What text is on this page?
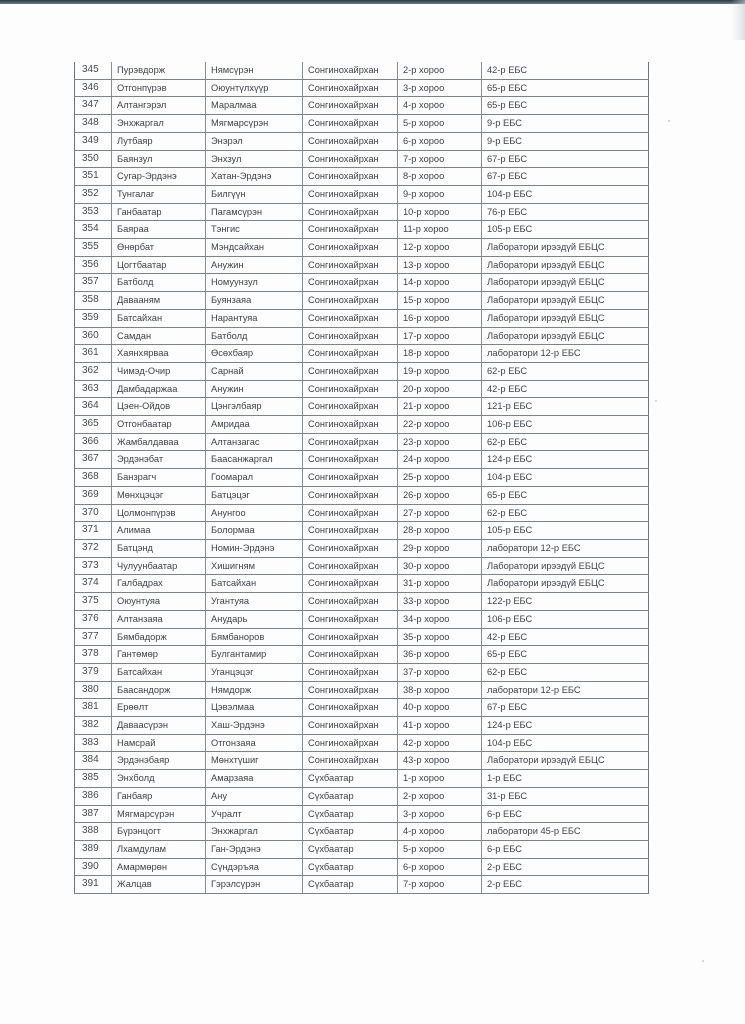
345	Пурэвдорж	Нямсүрэн	Сонгинохайрхан	2-р хороо	42-р ЕБС
346	Отгонпүрэв	Оюунтүлхүүр	Сонгинохайрхан	3-р хороо	65-р ЕБС
347	Алтангэрэл	Маралмаа	Сонгинохайрхан	4-р хороо	65-р ЕБС
348	Энхжаргал	Мягмарсүрэн	Сонгинохайрхан	5-р хороо	9-р ЕБС
349	Лутбаяр	Энэрэл	Сонгинохайрхан	6-р хороо	9-р ЕБС
350	Баянзул	Энхзул	Сонгинохайрхан	7-р хороо	67-р ЕБС
351	Сугар-Эрдэнэ	Хатан-Эрдэнэ	Сонгинохайрхан	8-р хороо	67-р ЕБС
352	Тунгалаг	Билгүүн	Сонгинохайрхан	9-р хороо	104-р ЕБС
353	Ганбаатар	Пагамсүрэн	Сонгинохайрхан	10-р хороо	76-р ЕБС
354	Баяраа	Тэнгис	Сонгинохайрхан	11-р хороо	105-р ЕБС
355	Өнөрбат	Мэндсайхан	Сонгинохайрхан	12-р хороо	Лаборатори ирээдүй ЕБЦС
356	Цогтбаатар	Анужин	Сонгинохайрхан	13-р хороо	Лаборатори ирээдүй ЕБЦС
357	Батболд	Номуунзул	Сонгинохайрхан	14-р хороо	Лаборатори ирээдүй ЕБЦС
358	Даваaням	Буянзаяа	Сонгинохайрхан	15-р хороо	Лаборатори ирээдүй ЕБЦС
359	Батсайхан	Нарантуяа	Сонгинохайрхан	16-р хороо	Лаборатори ирээдүй ЕБЦС
360	Самдан	Батболд	Сонгинохайрхан	17-р хороо	Лаборатори ирээдүй ЕБЦС
361	Хаянхярваа	Өсөхбаяр	Сонгинохайрхан	18-р хороо	лаборатори 12-р ЕБС
362	Чимэд-Очир	Сарнай	Сонгинохайрхан	19-р хороо	62-р ЕБС
363	Дамбадаржаа	Анужин	Сонгинохайрхан	20-р хороо	42-р ЕБС
364	Цэен-Ойдов	Цэнгэлбаяр	Сонгинохайрхан	21-р хороо	121-р ЕБС
365	Отгонбаатар	Амридаа	Сонгинохайрхан	22-р хороо	106-р ЕБС
366	Жамбалдаваа	Алтанзагас	Сонгинохайрхан	23-р хороо	62-р ЕБС
367	Эрдэнэбат	Баасанжаргал	Сонгинохайрхан	24-р хороо	124-р ЕБС
368	Банзрагч	Гоомарал	Сонгинохайрхан	25-р хороо	104-р ЕБС
369	Мөнхцэцэг	Батцэцэг	Сонгинохайрхан	26-р хороо	65-р ЕБС
370	Цолмонпүрэв	Анунгоо	Сонгинохайрхан	27-р хороо	62-р ЕБС
371	Алимаа	Болормаа	Сонгинохайрхан	28-р хороо	105-р ЕБС
372	Батцэнд	Номин-Эрдэнэ	Сонгинохайрхан	29-р хороо	лаборатори 12-р ЕБС
373	Чулуунбаатар	Хишигням	Сонгинохайрхан	30-р хороо	Лаборатори ирээдүй ЕБЦС
374	Галбадрах	Батсайхан	Сонгинохайрхан	31-р хороо	Лаборатори ирээдүй ЕБЦС
375	Оюунтуяа	Угантуяа	Сонгинохайрхан	33-р хороо	122-р ЕБС
376	Алтанзаяа	Анударь	Сонгинохайрхан	34-р хороо	106-р ЕБС
377	Бямбадорж	Бямбаноров	Сонгинохайрхан	35-р хороо	42-р ЕБС
378	Гантөмөр	Булгантамир	Сонгинохайрхан	36-р хороо	65-р ЕБС
379	Батсайхан	Уганцэцэг	Сонгинохайрхан	37-р хороо	62-р ЕБС
380	Баасандорж	Нямдорж	Сонгинохайрхан	38-р хороо	лаборатори 12-р ЕБС
381	Ерөөлт	Цэвэлмаа	Сонгинохайрхан	40-р хороо	67-р ЕБС
382	Даваасүрэн	Хаш-Эрдэнэ	Сонгинохайрхан	41-р хороо	124-р ЕБС
383	Намсрай	Отгонзаяа	Сонгинохайрхан	42-р хороо	104-р ЕБС
384	Эрдэнэбаяр	Мөнхтүшиг	Сонгинохайрхан	43-р хороо	Лаборатори ирээдүй ЕБЦС
385	Энхболд	Амарзаяа	Сүхбаатар	1-р хороо	1-р ЕБС
386	Ганбаяр	Ану	Сүхбаатар	2-р хороо	31-р ЕБС
387	Мягмарсүрэн	Учралт	Сүхбаатар	3-р хороо	6-р ЕБС
388	Бүрэнцогт	Энхжаргал	Сүхбаатар	4-р хороо	лаборатори 45-р ЕБС
389	Лхамдулам	Ган-Эрдэнэ	Сүхбаатар	5-р хороо	6-р ЕБС
390	Амармөрөн	Сүндэръяа	Сүхбаатар	6-р хороо	2-р ЕБС
391	Жалцав	Гэрэлсүрэн	Сүхбаатар	7-р хороо	2-р ЕБС
